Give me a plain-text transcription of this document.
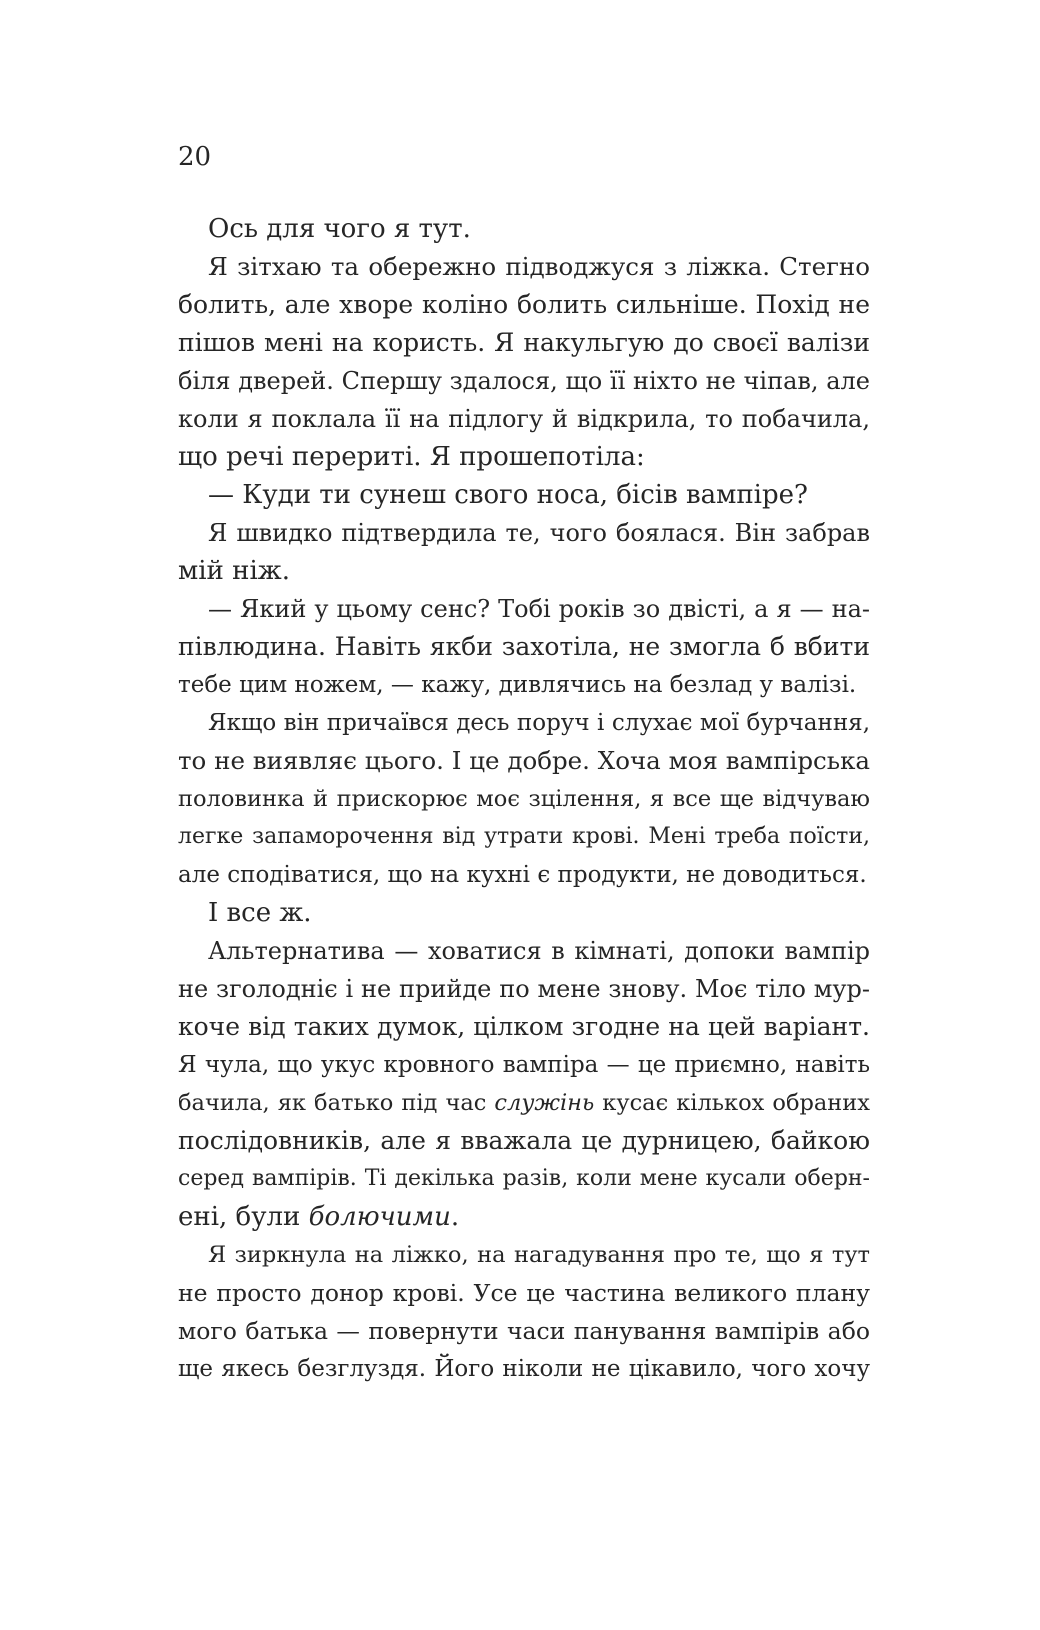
20
Ось для чого я тут.
Я зітхаю та обережно підводжуся з ліжка. Стегно
болить, але хворе коліно болить сильніше. Похід не
пішов мені на користь. Я накульгую до своєї валізи
біля дверей. Спершу здалося, що її ніхто не чіпав, але
коли я поклала її на підлогу й відкрила, то побачила,
що речі перериті. Я прошепотіла:
— Куди ти сунеш свого носа, бісів вампіре?
Я швидко підтвердила те, чого боялася. Він забрав
мій ніж.
— Який у цьому сенс? Тобі років зо двісті, а я — на-
півлюдина. Навіть якби захотіла, не змогла б вбити
тебе цим ножем, — кажу, дивлячись на безлад у валізі.
Якщо він причаївся десь поруч і слухає мої бурчання,
то не виявляє цього. І це добре. Хоча моя вампірська
половинка й прискорює моє зцілення, я все ще відчуваю
легке запаморочення від утрати крові. Мені треба поїсти,
але сподіватися, що на кухні є продукти, не доводиться.
І все ж.
Альтернатива — ховатися в кімнаті, допоки вампір
не зголодніє і не прийде по мене знову. Моє тіло мур-
коче від таких думок, цілком згодне на цей варіант.
Я чула, що укус кровного вампіра — це приємно, навіть
бачила, як батько під час служінь кусає кількох обраних
послідовників, але я вважала це дурницею, байкою
серед вампірів. Ті декілька разів, коли мене кусали оберн-
ені, були болючими.
Я зиркнула на ліжко, на нагадування про те, що я тут
не просто донор крові. Усе це частина великого плану
мого батька — повернути часи панування вампірів або
ще якесь безглуздя. Його ніколи не цікавило, чого хочу
